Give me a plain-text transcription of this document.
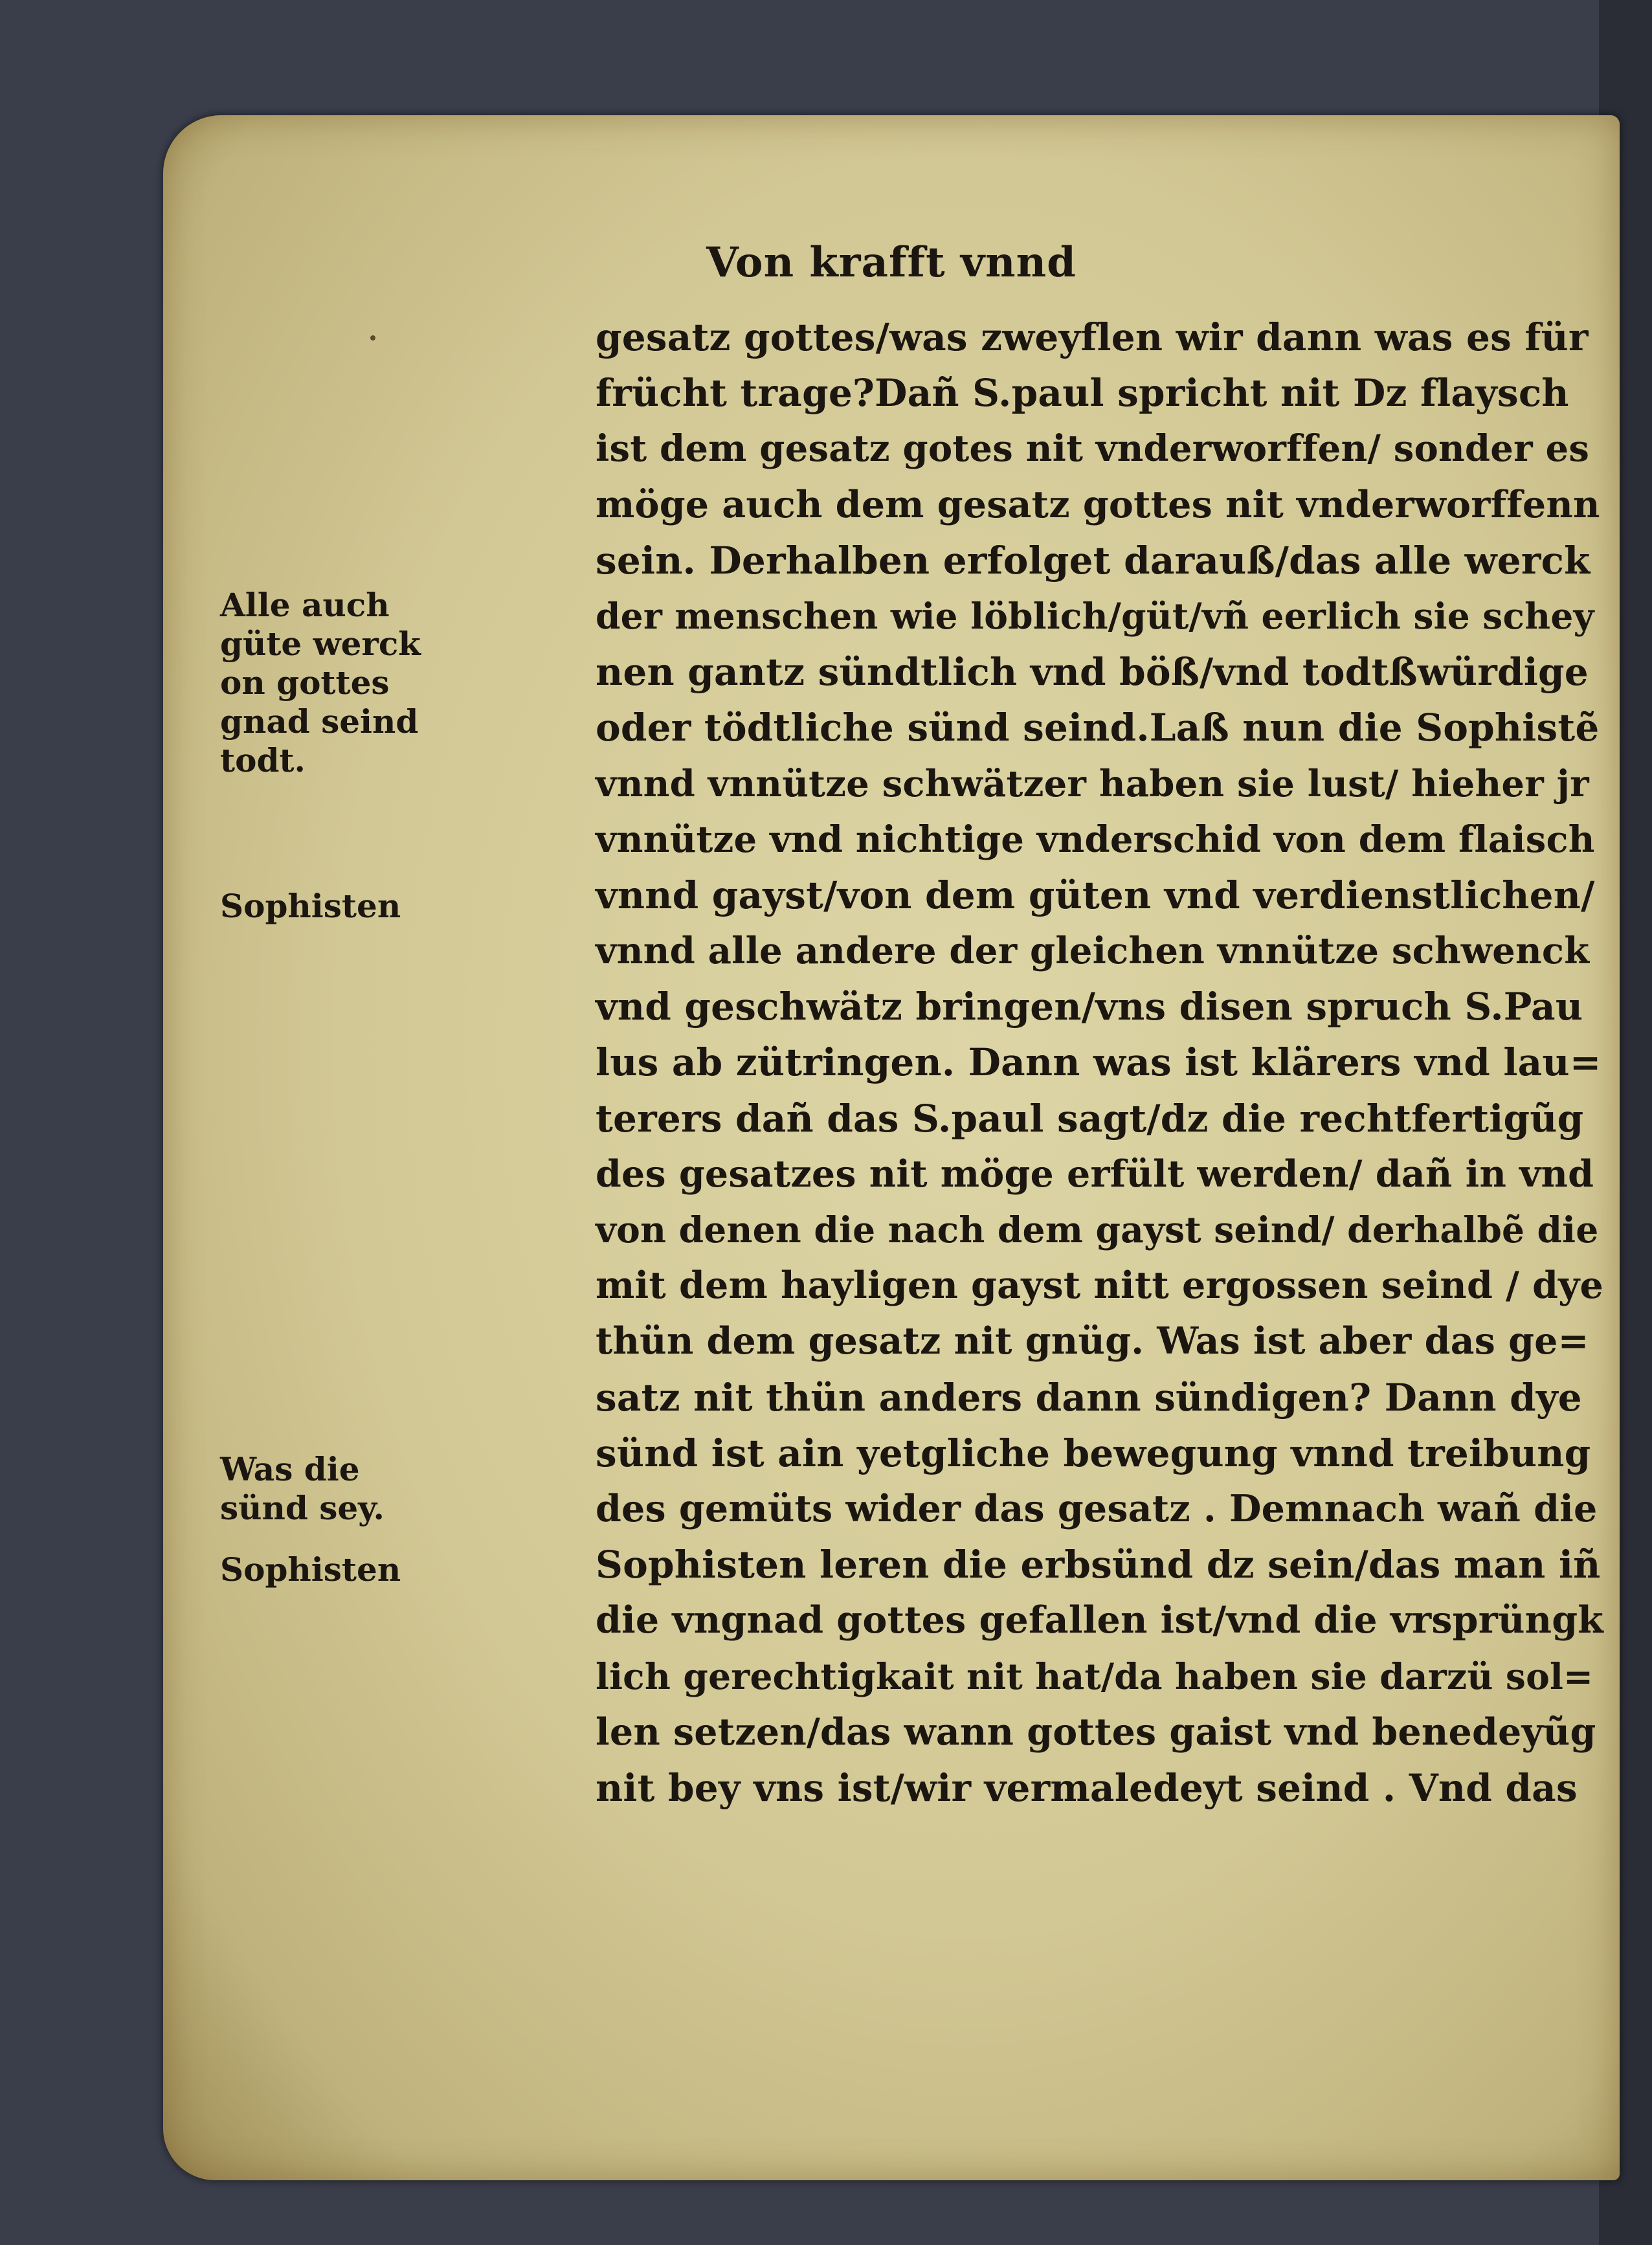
Von krafft vnnd
gesatz gottes/was zweyflen wir dann was es für
frücht trage?Dañ S.paul spricht nit Dz flaysch
ist dem gesatz gotes nit vnderworffen/ sonder es
möge auch dem gesatz gottes nit vnderworffenn
sein. Derhalben erfolget darauß/das alle werck
der menschen wie löblich/güt/vñ eerlich sie schey
nen gantz sündtlich vnd böß/vnd todtßwürdige
oder tödtliche sünd seind.Laß nun die Sophistẽ
vnnd vnnütze schwätzer haben sie lust/ hieher jr
vnnütze vnd nichtige vnderschid von dem flaisch
vnnd gayst/von dem güten vnd verdienstlichen/
vnnd alle andere der gleichen vnnütze schwenck
vnd geschwätz bringen/vns disen spruch S.Pau
lus ab zütringen. Dann was ist klärers vnd lau=
terers dañ das S.paul sagt/dz die rechtfertigũg
des gesatzes nit möge erfült werden/ dañ in vnd
von denen die nach dem gayst seind/ derhalbẽ die
mit dem hayligen gayst nitt ergossen seind / dye
thün dem gesatz nit gnüg. Was ist aber das ge=
satz nit thün anders dann sündigen? Dann dye
sünd ist ain yetgliche bewegung vnnd treibung
des gemüts wider das gesatz . Demnach wañ die
Sophisten leren die erbsünd dz sein/das man iñ
die vngnad gottes gefallen ist/vnd die vrsprüngk
lich gerechtigkait nit hat/da haben sie darzü sol=
len setzen/das wann gottes gaist vnd benedeyũg
nit bey vns ist/wir vermaledeyt seind . Vnd das
Alle auch
güte werck
on gottes
gnad seind
todt.
Sophisten
Was die
sünd sey.
Sophisten
